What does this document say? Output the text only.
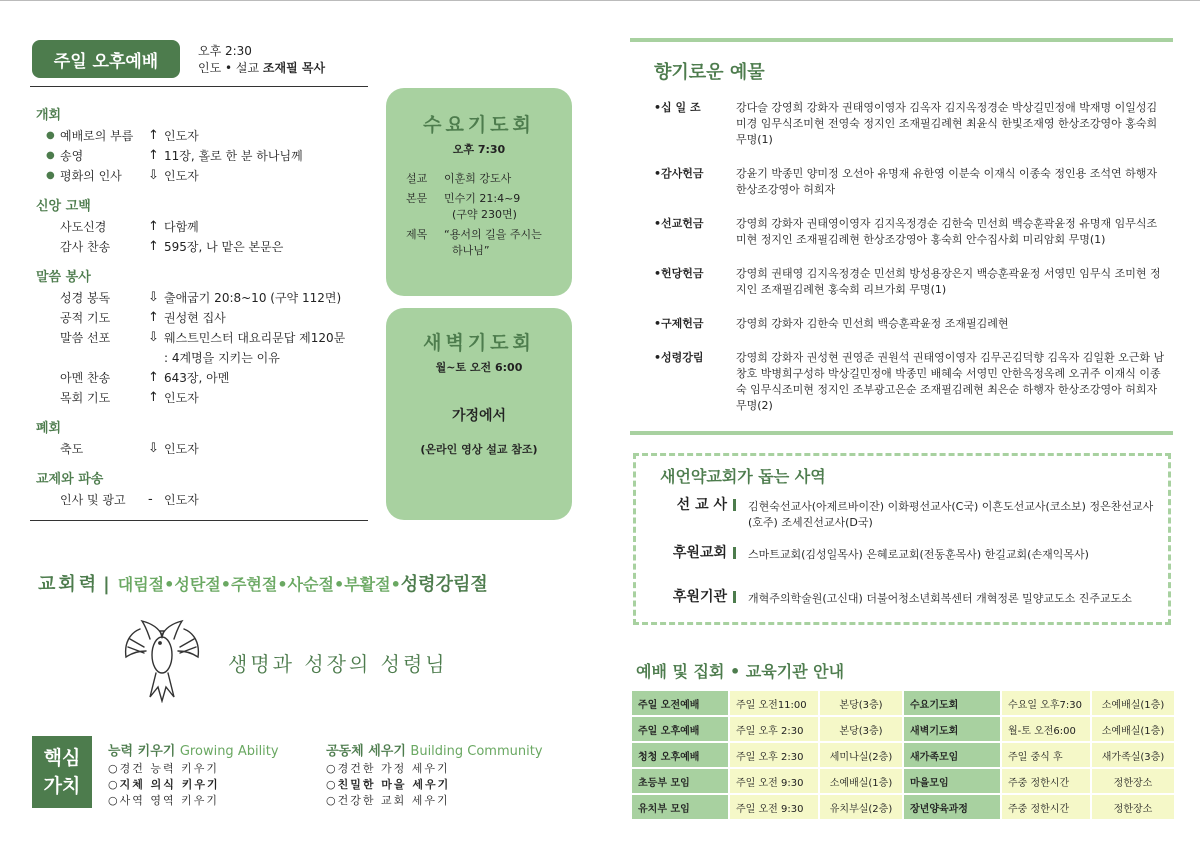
주일 오후예배
오후 2:30
인도 • 설교 조재필 목사
개회
● 예배로의 부름	↑ 인도자
● 송영	↑ 11장, 홀로 한 분 하나님께
● 평화의 인사	⇩ 인도자
신앙 고백
사도신경	↑ 다함께
감사 찬송	↑ 595장, 나 맡은 본문은
말씀 봉사
성경 봉독	⇩ 출애굽기 20:8~10 (구약 112면)
공적 기도	↑ 권성현 집사
말씀 선포	⇩ 웨스트민스터 대요리문답 제120문
: 4계명을 지키는 이유
아멘 찬송	↑ 643장, 아멘
목회 기도	↑ 인도자
폐회
축도	⇩ 인도자
교제와 파송
인사 및 광고	- 인도자
수요기도회
오후 7:30
설교	이훈희 강도사
본문	민수기 21:4~9
(구약 230면)
제목	“용서의 길을 주시는
하나님”
새벽기도회
월~토 오전 6:00
가정에서
(온라인 영상 설교 참조)
향기로운 예물
•십 일 조	강다슬 강영희 강화자 권태영이영자 김옥자 김지옥정경순 박상길민정애 박재명 이일성김미경 임무식조미현 전영숙 정지인 조재필김례현 최윤식 한빛조재영 한상조강영아 홍숙희 무명(1)
•감사헌금	강윤기 박종민 양미정 오선아 유명재 유한영 이분숙 이재식 이종숙 정인용 조석연 하행자 한상조강영아 허희자
•선교헌금	강영희 강화자 권태영이영자 김지옥정경순 김한숙 민선희 백승훈곽윤정 유명재 임무식조미현 정지인 조재필김례현 한상조강영아 홍숙희 안수집사회 미리암회 무명(1)
•헌당헌금	강영희 권태영 김지옥정경순 민선희 방성용장은지 백승훈곽윤정 서영민 임무식 조미현 정지인 조재필김례현 홍숙희 리브가회 무명(1)
•구제헌금	강영희 강화자 김한숙 민선희 백승훈곽윤정 조재필김례현
•성령강림	강영희 강화자 권성현 권영준 권원석 권태영이영자 김무곤김덕향 김옥자 김일환 오근화 남창호 박병희구성하 박상길민정애 박종민 배혜숙 서영민 안한옥정옥례 오귀주 이재식 이종숙 임무식조미현 정지인 조부광고은순 조재필김례현 최은순 하행자 한상조강영아 허희자 무명(2)
새언약교회가 돕는 사역
선 교 사	김현숙선교사(아제르바이잔) 이화평선교사(C국) 이흔도선교사(코소보) 정은찬선교사(호주) 조세진선교사(D국)
후원교회	스마트교회(김성일목사) 은혜로교회(전동훈목사) 한길교회(손재익목사)
후원기관	개혁주의학술원(고신대) 더불어청소년회복센터 개혁정론 밀양교도소 진주교도소
교회력 | 대림절•성탄절•주현절•사순절•부활절•성령강림절
생명과 성장의 성령님
핵심
가치
능력 키우기 Growing Ability
○경건 능력 키우기
○지체 의식 키우기
○사역 영역 키우기
공동체 세우기 Building Community
○경건한 가정 세우기
○친밀한 마을 세우기
○건강한 교회 세우기
예배 및 집회 • 교육기관 안내
주일 오전예배	주일 오전11:00	본당(3층)	수요기도회	수요일 오후7:30	소예배실(1층)
주일 오후예배	주일 오후 2:30	본당(3층)	새벽기도회	월-토 오전6:00	소예배실(1층)
청청 오후예배	주일 오후 2:30	세미나실(2층)	새가족모임	주일 중식 후	새가족실(3층)
초등부 모임	주일 오전 9:30	소예배실(1층)	마을모임	주중 정한시간	정한장소
유치부 모임	주일 오전 9:30	유치부실(2층)	장년양육과정	주중 정한시간	정한장소
